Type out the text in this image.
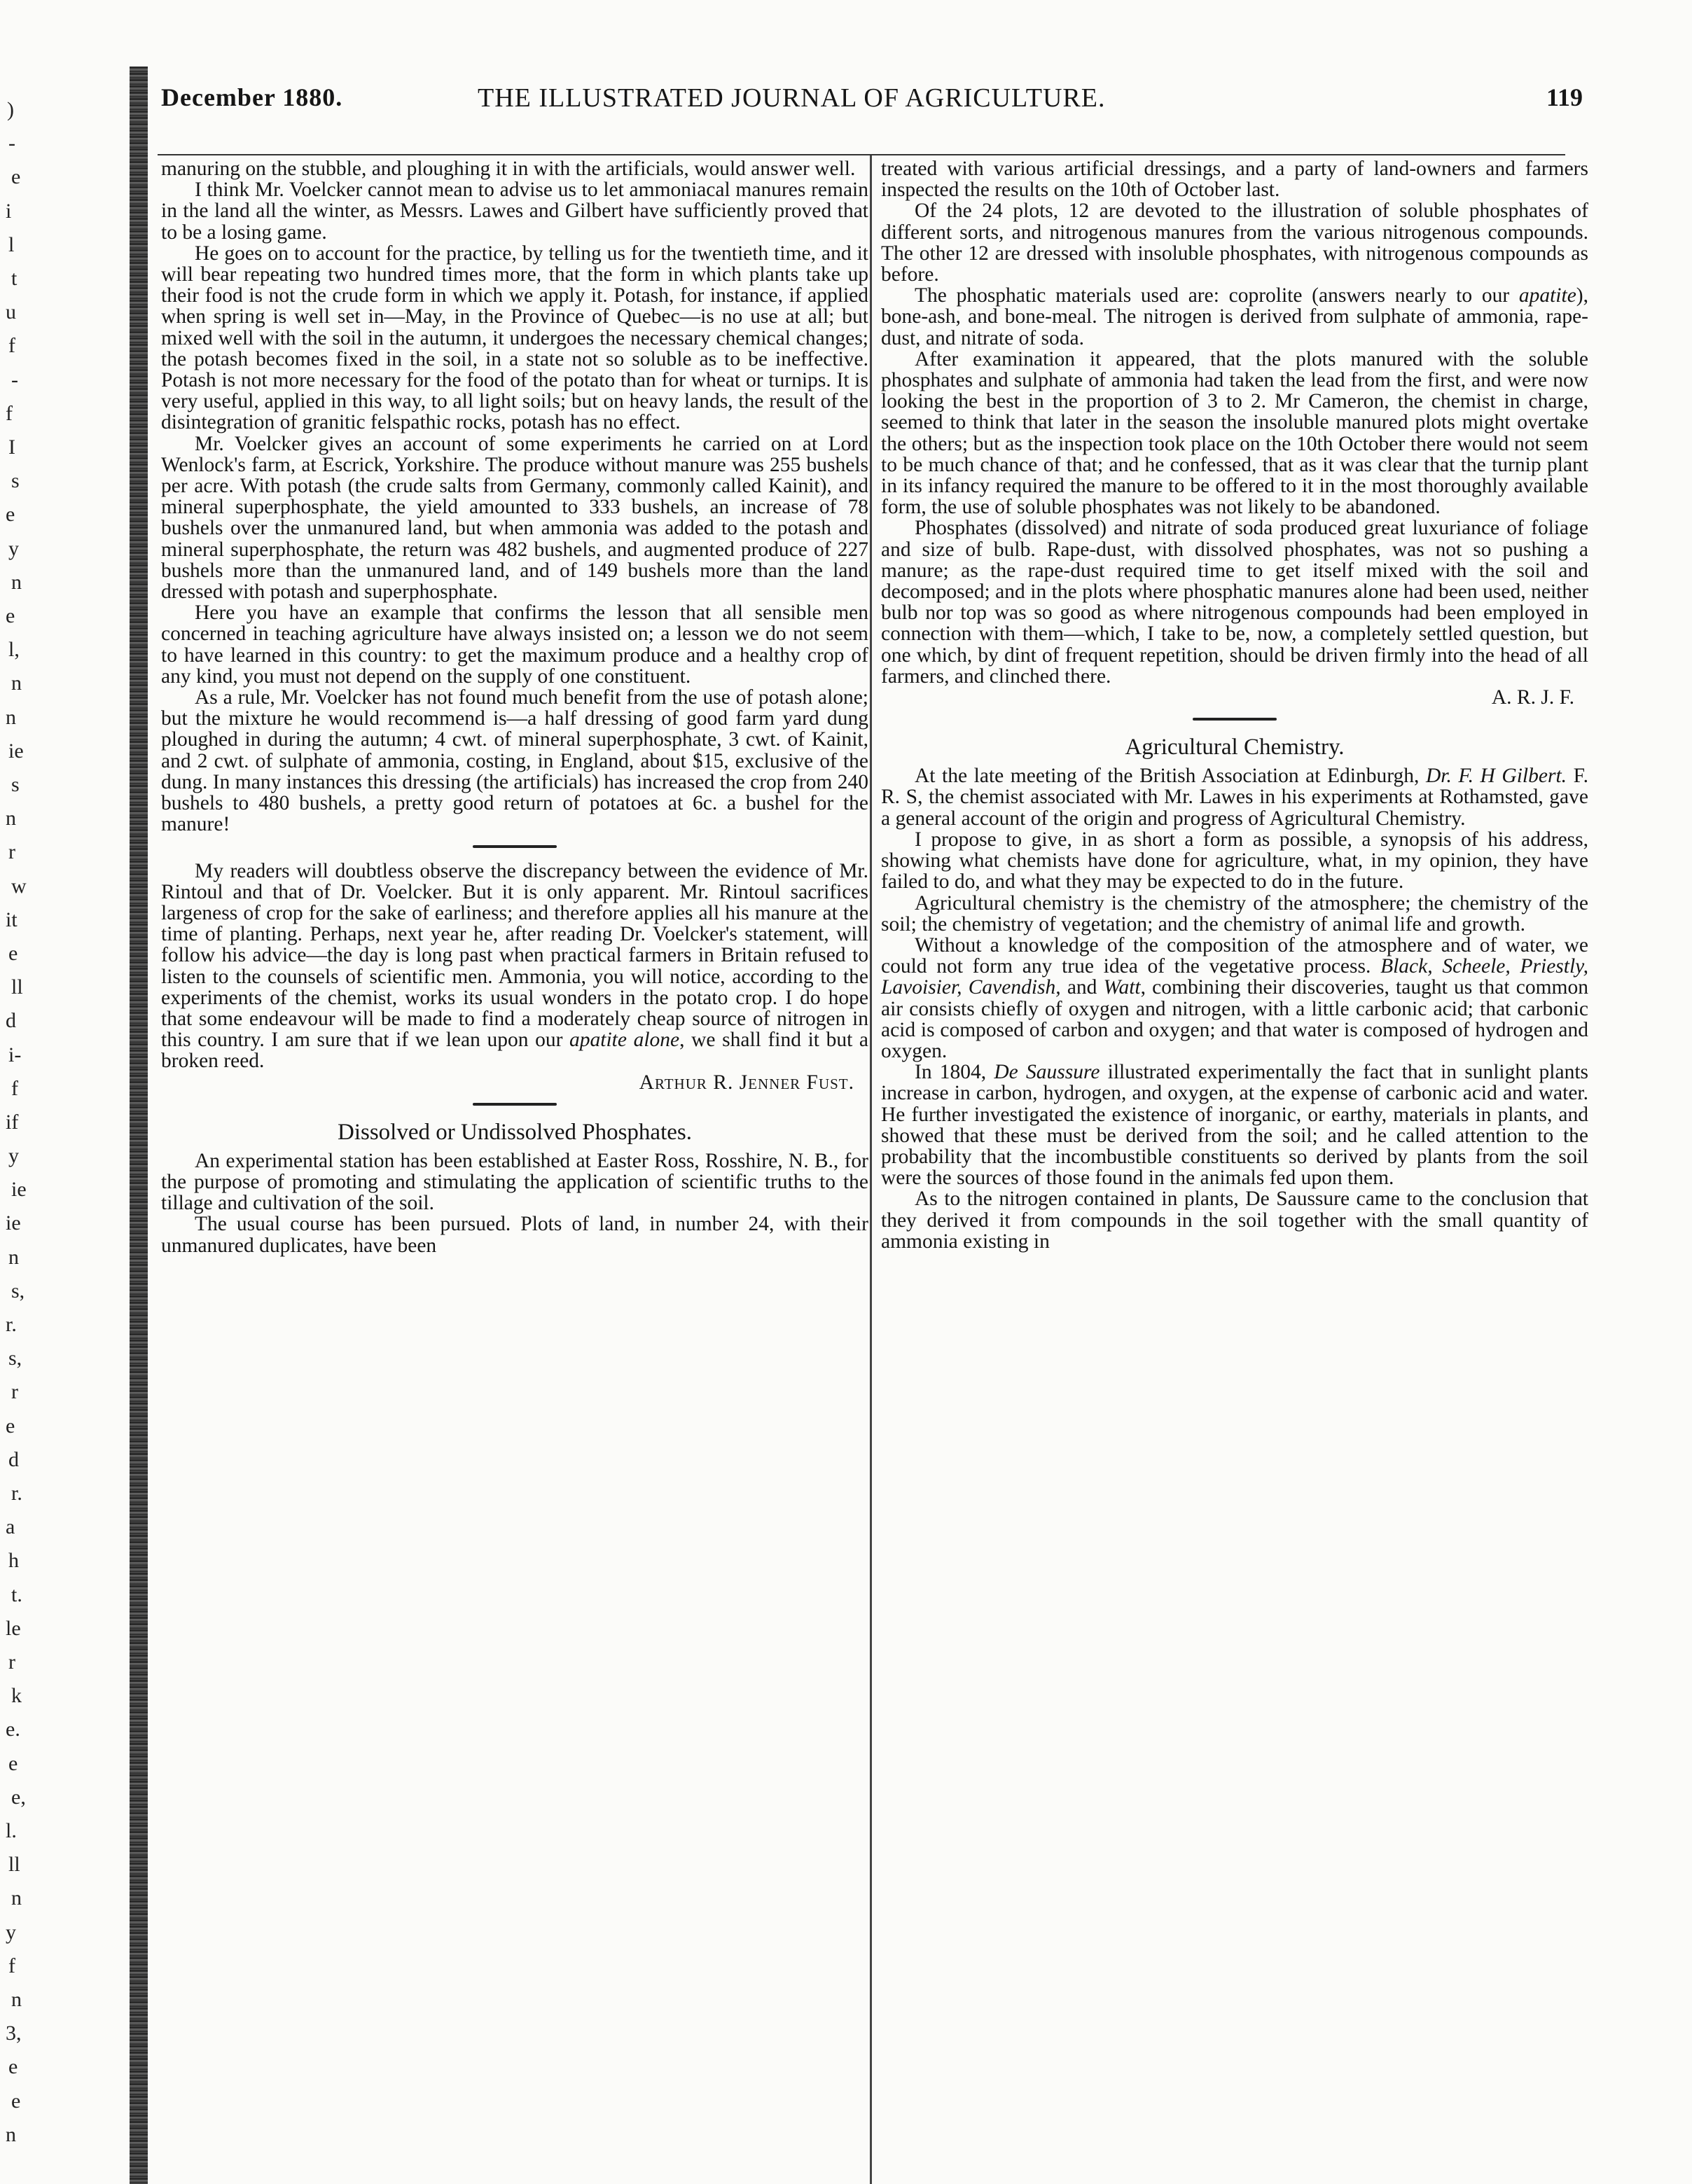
)
-
e
i
l
t
u
f
-
f
I
s
e
y
n
e
l,
n
n
ie
s
n
r
w
it
e
ll
d
i-
f
if
y
ie
ie
n
s,
r.
s,
r
e
d
r.
a
h
t.
le
r
k
e.
e
e,
l.
ll
n
y
f
n
3,
e
e
n
December 1880.	THE ILLUSTRATED JOURNAL OF AGRICULTURE.	119

manuring on the stubble, and ploughing it in with the artificials, would answer well.

I think Mr. Voelcker cannot mean to advise us to let ammoniacal manures remain in the land all the winter, as Messrs. Lawes and Gilbert have sufficiently proved that to be a losing game.

He goes on to account for the practice, by telling us for the twentieth time, and it will bear repeating two hundred times more, that the form in which plants take up their food is not the crude form in which we apply it. Potash, for instance, if applied when spring is well set in—May, in the Province of Quebec—is no use at all; but mixed well with the soil in the autumn, it undergoes the necessary chemical changes; the potash becomes fixed in the soil, in a state not so soluble as to be ineffective. Potash is not more necessary for the food of the potato than for wheat or turnips. It is very useful, applied in this way, to all light soils; but on heavy lands, the result of the disintegration of granitic felspathic rocks, potash has no effect.

Mr. Voelcker gives an account of some experiments he carried on at Lord Wenlock's farm, at Escrick, Yorkshire. The produce without manure was 255 bushels per acre. With potash (the crude salts from Germany, commonly called Kainit), and mineral superphosphate, the yield amounted to 333 bushels, an increase of 78 bushels over the unmanured land, but when ammonia was added to the potash and mineral superphosphate, the return was 482 bushels, and augmented produce of 227 bushels more than the unmanured land, and of 149 bushels more than the land dressed with potash and superphosphate.

Here you have an example that confirms the lesson that all sensible men concerned in teaching agriculture have always insisted on; a lesson we do not seem to have learned in this country: to get the maximum produce and a healthy crop of any kind, you must not depend on the supply of one constituent.

As a rule, Mr. Voelcker has not found much benefit from the use of potash alone; but the mixture he would recommend is—a half dressing of good farm yard dung ploughed in during the autumn; 4 cwt. of mineral superphosphate, 3 cwt. of Kainit, and 2 cwt. of sulphate of ammonia, costing, in England, about $15, exclusive of the dung. In many instances this dressing (the artificials) has increased the crop from 240 bushels to 480 bushels, a pretty good return of potatoes at 6c. a bushel for the manure!

My readers will doubtless observe the discrepancy between the evidence of Mr. Rintoul and that of Dr. Voelcker. But it is only apparent. Mr. Rintoul sacrifices largeness of crop for the sake of earliness; and therefore applies all his manure at the time of planting. Perhaps, next year he, after reading Dr. Voelcker's statement, will follow his advice—the day is long past when practical farmers in Britain refused to listen to the counsels of scientific men. Ammonia, you will notice, according to the experiments of the chemist, works its usual wonders in the potato crop. I do hope that some endeavour will be made to find a moderately cheap source of nitrogen in this country. I am sure that if we lean upon our apatite alone, we shall find it but a broken reed.

Arthur R. Jenner Fust.

Dissolved or Undissolved Phosphates.

An experimental station has been established at Easter Ross, Rosshire, N. B., for the purpose of promoting and stimulating the application of scientific truths to the tillage and cultivation of the soil.

The usual course has been pursued. Plots of land, in number 24, with their unmanured duplicates, have been

treated with various artificial dressings, and a party of land-owners and farmers inspected the results on the 10th of October last.

Of the 24 plots, 12 are devoted to the illustration of soluble phosphates of different sorts, and nitrogenous manures from the various nitrogenous compounds. The other 12 are dressed with insoluble phosphates, with nitrogenous compounds as before.

The phosphatic materials used are: coprolite (answers nearly to our apatite), bone-ash, and bone-meal. The nitrogen is derived from sulphate of ammonia, rape-dust, and nitrate of soda.

After examination it appeared, that the plots manured with the soluble phosphates and sulphate of ammonia had taken the lead from the first, and were now looking the best in the proportion of 3 to 2. Mr Cameron, the chemist in charge, seemed to think that later in the season the insoluble manured plots might overtake the others; but as the inspection took place on the 10th October there would not seem to be much chance of that; and he confessed, that as it was clear that the turnip plant in its infancy required the manure to be offered to it in the most thoroughly available form, the use of soluble phosphates was not likely to be abandoned.

Phosphates (dissolved) and nitrate of soda produced great luxuriance of foliage and size of bulb. Rape-dust, with dissolved phosphates, was not so pushing a manure; as the rape-dust required time to get itself mixed with the soil and decomposed; and in the plots where phosphatic manures alone had been used, neither bulb nor top was so good as where nitrogenous compounds had been employed in connection with them—which, I take to be, now, a completely settled question, but one which, by dint of frequent repetition, should be driven firmly into the head of all farmers, and clinched there.

A. R. J. F.

Agricultural Chemistry.

At the late meeting of the British Association at Edinburgh, Dr. F. H Gilbert. F. R. S, the chemist associated with Mr. Lawes in his experiments at Rothamsted, gave a general account of the origin and progress of Agricultural Chemistry.

I propose to give, in as short a form as possible, a synopsis of his address, showing what chemists have done for agriculture, what, in my opinion, they have failed to do, and what they may be expected to do in the future.

Agricultural chemistry is the chemistry of the atmosphere; the chemistry of the soil; the chemistry of vegetation; and the chemistry of animal life and growth.

Without a knowledge of the composition of the atmosphere and of water, we could not form any true idea of the vegetative process. Black, Scheele, Priestly, Lavoisier, Cavendish, and Watt, combining their discoveries, taught us that common air consists chiefly of oxygen and nitrogen, with a little carbonic acid; that carbonic acid is composed of carbon and oxygen; and that water is composed of hydrogen and oxygen.

In 1804, De Saussure illustrated experimentally the fact that in sunlight plants increase in carbon, hydrogen, and oxygen, at the expense of carbonic acid and water. He further investigated the existence of inorganic, or earthy, materials in plants, and showed that these must be derived from the soil; and he called attention to the probability that the incombustible constituents so derived by plants from the soil were the sources of those found in the animals fed upon them.

As to the nitrogen contained in plants, De Saussure came to the conclusion that they derived it from compounds in the soil together with the small quantity of ammonia existing in
